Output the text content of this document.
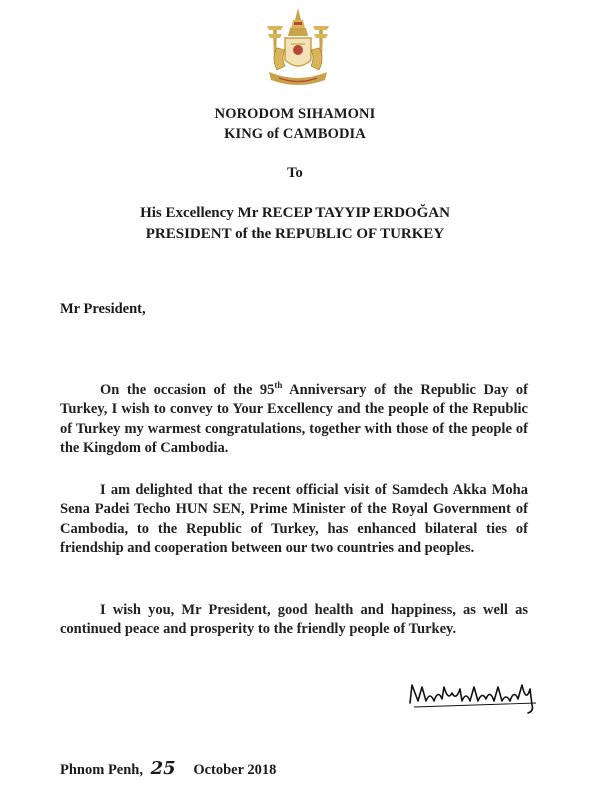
NORODOM SIHAMONI
KING of CAMBODIA
To
His Excellency Mr RECEP TAYYIP ERDOĞAN
PRESIDENT of the REPUBLIC OF TURKEY
Mr President,
On the occasion of the 95th Anniversary of the Republic Day of Turkey, I wish to convey to Your Excellency and the people of the Republic of Turkey my warmest congratulations, together with those of the people of the Kingdom of Cambodia.
I am delighted that the recent official visit of Samdech Akka Moha Sena Padei Techo HUN SEN, Prime Minister of the Royal Government of Cambodia, to the Republic of Turkey, has enhanced bilateral ties of friendship and cooperation between our two countries and peoples.
I wish you, Mr President, good health and happiness, as well as continued peace and prosperity to the friendly people of Turkey.
Phnom Penh, 25 October 2018
